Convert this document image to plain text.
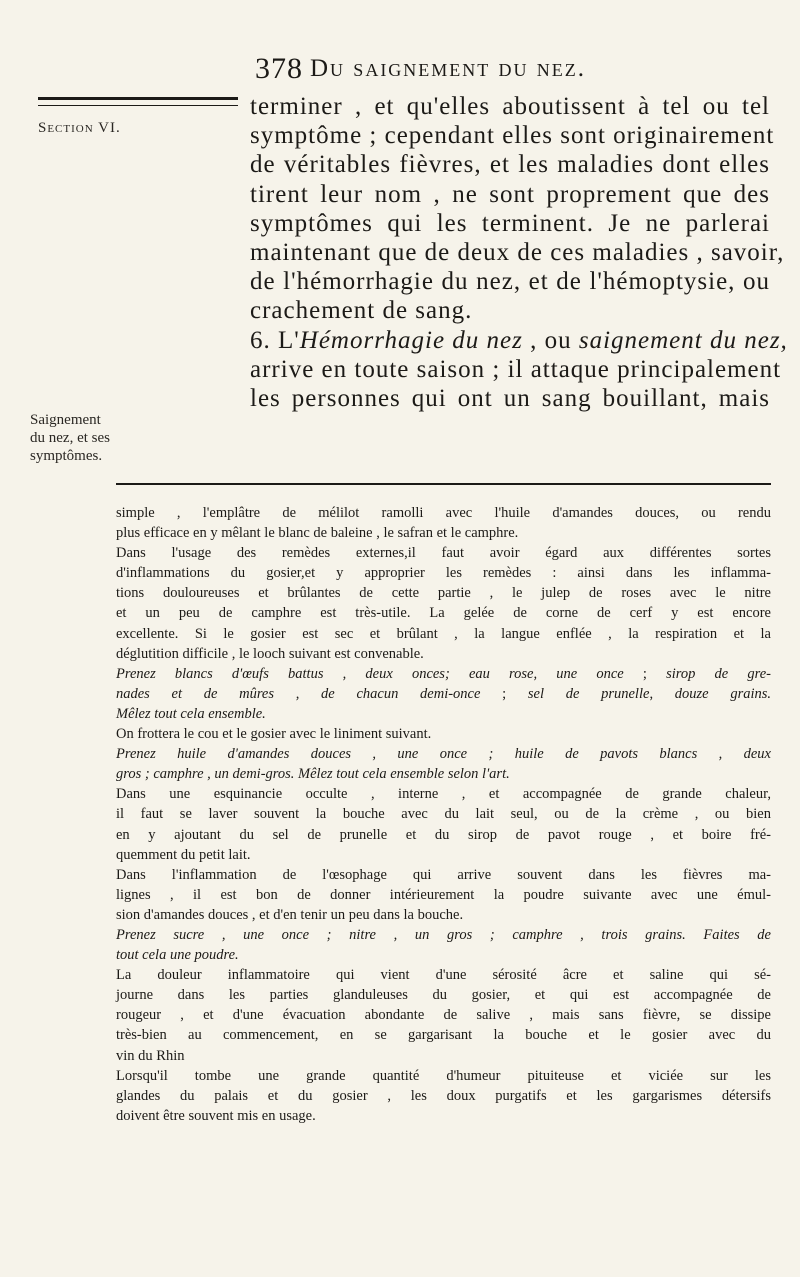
378 Du saignement du nez.
Section VI.
Saignement
du nez, et ses
symptômes.
terminer , et qu'elles aboutissent à tel ou tel
symptôme ; cependant elles sont originairement
de véritables fièvres, et les maladies dont elles
tirent leur nom , ne sont proprement que des
symptômes qui les terminent. Je ne parlerai
maintenant que de deux de ces maladies , savoir,
de l'hémorrhagie du nez, et de l'hémoptysie, ou
crachement de sang.
6. L'Hémorrhagie du nez , ou saignement du nez,
arrive en toute saison ; il attaque principalement
les personnes qui ont un sang bouillant, mais
simple , l'emplâtre de mélilot ramolli avec l'huile d'amandes douces, ou rendu
plus efficace en y mêlant le blanc de baleine , le safran et le camphre.
Dans l'usage des remèdes externes,il faut avoir égard aux différentes sortes
d'inflammations du gosier,et y approprier les remèdes : ainsi dans les inflamma-
tions douloureuses et brûlantes de cette partie , le julep de roses avec le nitre
et un peu de camphre est très-utile. La gelée de corne de cerf y est encore
excellente. Si le gosier est sec et brûlant , la langue enflée , la respiration et la
déglutition difficile , le looch suivant est convenable.
Prenez blancs d'œufs battus , deux onces; eau rose, une once ; sirop de gre-
nades et de mûres , de chacun demi-once ; sel de prunelle, douze grains.
Mêlez tout cela ensemble.
On frottera le cou et le gosier avec le liniment suivant.
Prenez huile d'amandes douces , une once ; huile de pavots blancs , deux
gros ; camphre , un demi-gros. Mêlez tout cela ensemble selon l'art.
Dans une esquinancie occulte , interne , et accompagnée de grande chaleur,
il faut se laver souvent la bouche avec du lait seul, ou de la crème , ou bien
en y ajoutant du sel de prunelle et du sirop de pavot rouge , et boire fré-
quemment du petit lait.
Dans l'inflammation de l'œsophage qui arrive souvent dans les fièvres ma-
lignes , il est bon de donner intérieurement la poudre suivante avec une émul-
sion d'amandes douces , et d'en tenir un peu dans la bouche.
Prenez sucre , une once ; nitre , un gros ; camphre , trois grains. Faites de
tout cela une poudre.
La douleur inflammatoire qui vient d'une sérosité âcre et saline qui sé-
journe dans les parties glanduleuses du gosier, et qui est accompagnée de
rougeur , et d'une évacuation abondante de salive , mais sans fièvre, se dissipe
très-bien au commencement, en se gargarisant la bouche et le gosier avec du
vin du Rhin
Lorsqu'il tombe une grande quantité d'humeur pituiteuse et viciée sur les
glandes du palais et du gosier , les doux purgatifs et les gargarismes détersifs
doivent être souvent mis en usage.
